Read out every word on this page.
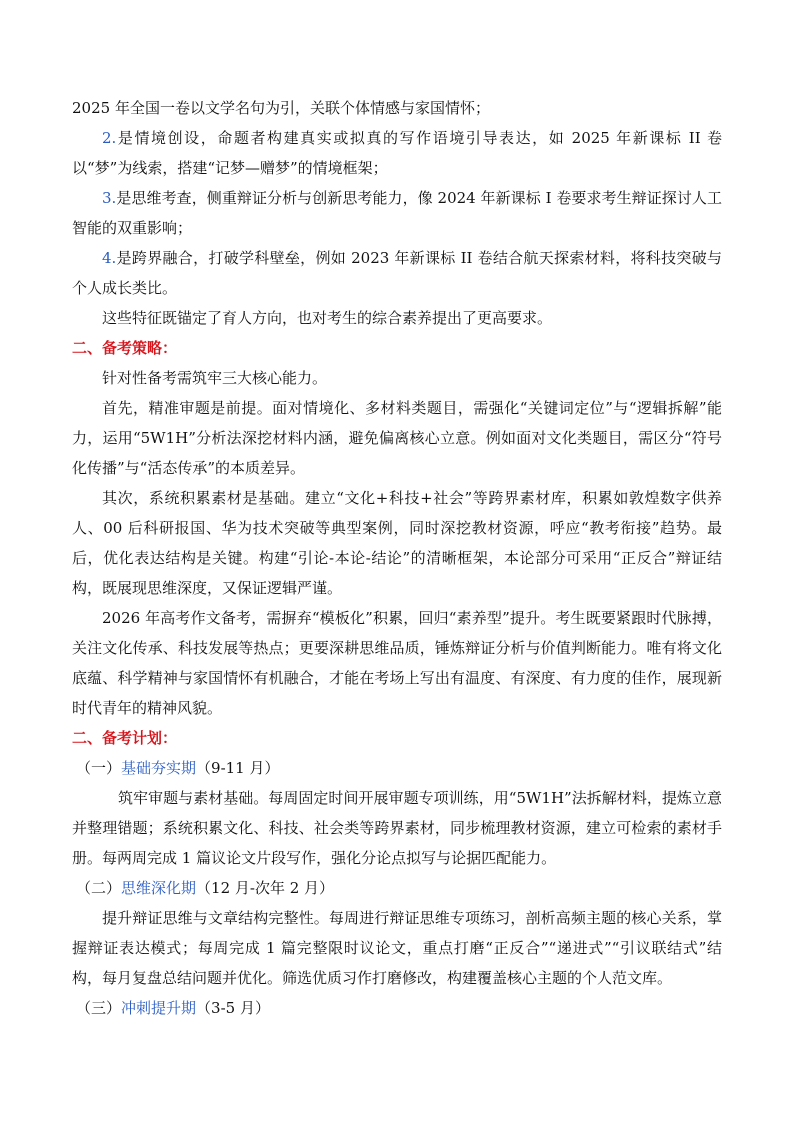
2025 年全国一卷以文学名句为引，关联个体情感与家国情怀；

2.是情境创设，命题者构建真实或拟真的写作语境引导表达，如 2025 年新课标 II 卷以“梦”为线索，搭建“记梦—赠梦”的情境框架；

3.是思维考查，侧重辩证分析与创新思考能力，像 2024 年新课标 I 卷要求考生辩证探讨人工智能的双重影响；

4.是跨界融合，打破学科壁垒，例如 2023 年新课标 II 卷结合航天探索材料，将科技突破与个人成长类比。

这些特征既锚定了育人方向，也对考生的综合素养提出了更高要求。

二、备考策略：

针对性备考需筑牢三大核心能力。

首先，精准审题是前提。面对情境化、多材料类题目，需强化“关键词定位”与“逻辑拆解”能力，运用“5W1H”分析法深挖材料内涵，避免偏离核心立意。例如面对文化类题目，需区分“符号化传播”与“活态传承”的本质差异。

其次，系统积累素材是基础。建立“文化+科技+社会”等跨界素材库，积累如敦煌数字供养人、00 后科研报国、华为技术突破等典型案例，同时深挖教材资源，呼应“教考衔接”趋势。最后，优化表达结构是关键。构建“引论-本论-结论”的清晰框架，本论部分可采用“正反合”辩证结构，既展现思维深度，又保证逻辑严谨。

2026 年高考作文备考，需摒弃“模板化”积累，回归“素养型”提升。考生既要紧跟时代脉搏，关注文化传承、科技发展等热点；更要深耕思维品质，锤炼辩证分析与价值判断能力。唯有将文化底蕴、科学精神与家国情怀有机融合，才能在考场上写出有温度、有深度、有力度的佳作，展现新时代青年的精神风貌。

二、备考计划：

（一）基础夯实期（9-11 月）

筑牢审题与素材基础。每周固定时间开展审题专项训练，用“5W1H”法拆解材料，提炼立意并整理错题；系统积累文化、科技、社会类等跨界素材，同步梳理教材资源，建立可检索的素材手册。每两周完成 1 篇议论文片段写作，强化分论点拟写与论据匹配能力。

（二）思维深化期（12 月-次年 2 月）

提升辩证思维与文章结构完整性。每周进行辩证思维专项练习，剖析高频主题的核心关系，掌握辩证表达模式；每周完成 1 篇完整限时议论文，重点打磨“正反合”“递进式”“引议联结式”结构，每月复盘总结问题并优化。筛选优质习作打磨修改，构建覆盖核心主题的个人范文库。

（三）冲刺提升期（3-5 月）
